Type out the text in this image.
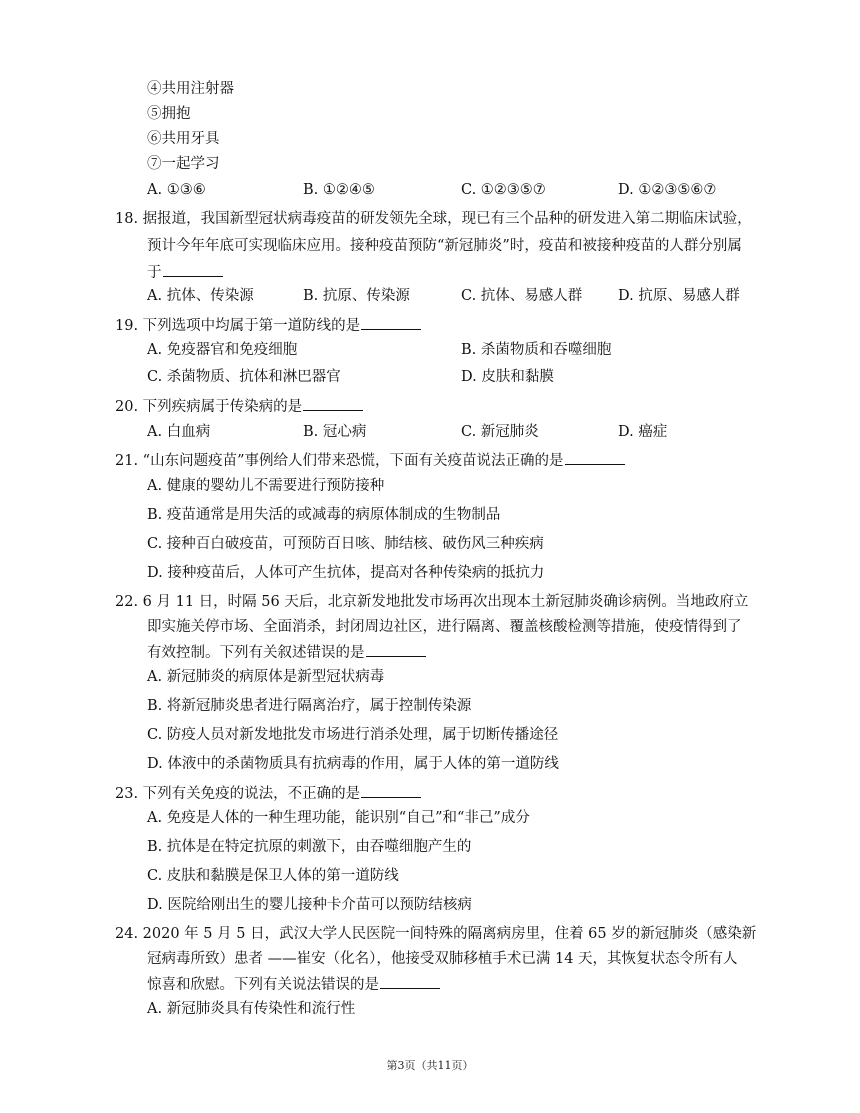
④共用注射器
⑤拥抱
⑥共用牙具
⑦一起学习
A. ①③⑥	B. ①②④⑤	C. ①②③⑤⑦	D. ①②③⑤⑥⑦
18. 据报道，我国新型冠状病毒疫苗的研发领先全球，现已有三个品种的研发进入第二期临床试验，
预计今年年底可实现临床应用。接种疫苗预防“新冠肺炎”时，疫苗和被接种疫苗的人群分别属
于
A. 抗体、传染源	B. 抗原、传染源	C. 抗体、易感人群 D. 抗原、易感人群
19. 下列选项中均属于第一道防线的是
A. 免疫器官和免疫细胞	B. 杀菌物质和吞噬细胞
C. 杀菌物质、抗体和淋巴器官	D. 皮肤和黏膜
20. 下列疾病属于传染病的是
A. 白血病	B. 冠心病	C. 新冠肺炎	D. 癌症
21. “山东问题疫苗”事例给人们带来恐慌，下面有关疫苗说法正确的是
A. 健康的婴幼儿不需要进行预防接种
B. 疫苗通常是用失活的或减毒的病原体制成的生物制品
C. 接种百白破疫苗，可预防百日咳、肺结核、破伤风三种疾病
D. 接种疫苗后，人体可产生抗体，提高对各种传染病的抵抗力
22. 6 月 11 日，时隔 56 天后，北京新发地批发市场再次出现本土新冠肺炎确诊病例。当地政府立
即实施关停市场、全面消杀，封闭周边社区，进行隔离、覆盖核酸检测等措施，使疫情得到了
有效控制。下列有关叙述错误的是
A. 新冠肺炎的病原体是新型冠状病毒
B. 将新冠肺炎患者进行隔离治疗，属于控制传染源
C. 防疫人员对新发地批发市场进行消杀处理，属于切断传播途径
D. 体液中的杀菌物质具有抗病毒的作用，属于人体的第一道防线
23. 下列有关免疫的说法，不正确的是
A. 免疫是人体的一种生理功能，能识别“自己”和“非己”成分
B. 抗体是在特定抗原的刺激下，由吞噬细胞产生的
C. 皮肤和黏膜是保卫人体的第一道防线
D. 医院给刚出生的婴儿接种卡介苗可以预防结核病
24. 2020 年 5 月 5 日，武汉大学人民医院一间特殊的隔离病房里，住着 65 岁的新冠肺炎（感染新
冠病毒所致）患者 ——崔安（化名），他接受双肺移植手术已满 14 天，其恢复状态令所有人
惊喜和欣慰。下列有关说法错误的是
A. 新冠肺炎具有传染性和流行性
第3页（共11页）
